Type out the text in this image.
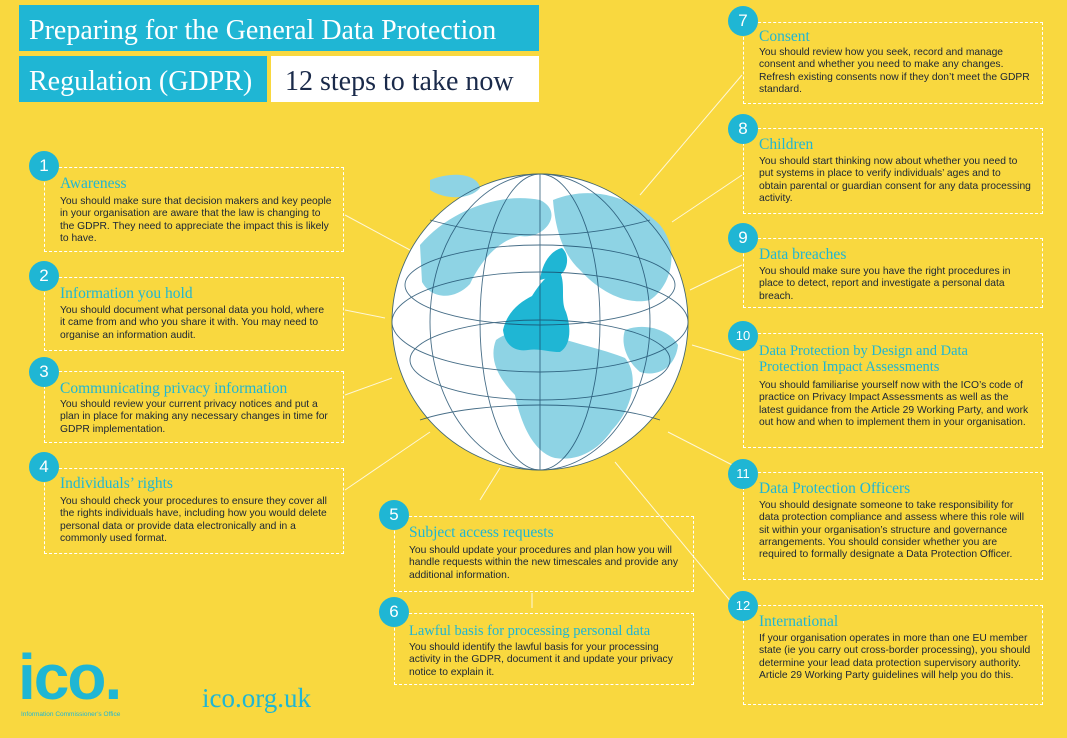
Preparing for the General Data Protection
Regulation (GDPR)	12 steps to take now
1
Awareness
You should make sure that decision makers and key people in your organisation are aware that the law is changing to the GDPR. They need to appreciate the impact this is likely to have.
2
Information you hold
You should document what personal data you hold, where it came from and who you share it with. You may need to organise an information audit.
3
Communicating privacy information
You should review your current privacy notices and put a plan in place for making any necessary changes in time for GDPR implementation.
4
Individuals’ rights
You should check your procedures to ensure they cover all the rights individuals have, including how you would delete personal data or provide data electronically and in a commonly used format.
5
Subject access requests
You should update your procedures and plan how you will handle requests within the new timescales and provide any additional information.
6
Lawful basis for processing personal data
You should identify the lawful basis for your processing activity in the GDPR, document it and update your privacy notice to explain it.
7
Consent
You should review how you seek, record and manage consent and whether you need to make any changes. Refresh existing consents now if they don’t meet the GDPR standard.
8
Children
You should start thinking now about whether you need to put systems in place to verify individuals’ ages and to obtain parental or guardian consent for any data processing activity.
9
Data breaches
You should make sure you have the right procedures in place to detect, report and investigate a personal data breach.
10
Data Protection by Design and Data Protection Impact Assessments
You should familiarise yourself now with the ICO’s code of practice on Privacy Impact Assessments as well as the latest guidance from the Article 29 Working Party, and work out how and when to implement them in your organisation.
11
Data Protection Officers
You should designate someone to take responsibility for data protection compliance and assess where this role will sit within your organisation’s structure and governance arrangements. You should consider whether you are required to formally designate a Data Protection Officer.
12
International
If your organisation operates in more than one EU member state (ie you carry out cross-border processing), you should determine your lead data protection supervisory authority. Article 29 Working Party guidelines will help you do this.
ico.
Information Commissioner’s Office
ico.org.uk
